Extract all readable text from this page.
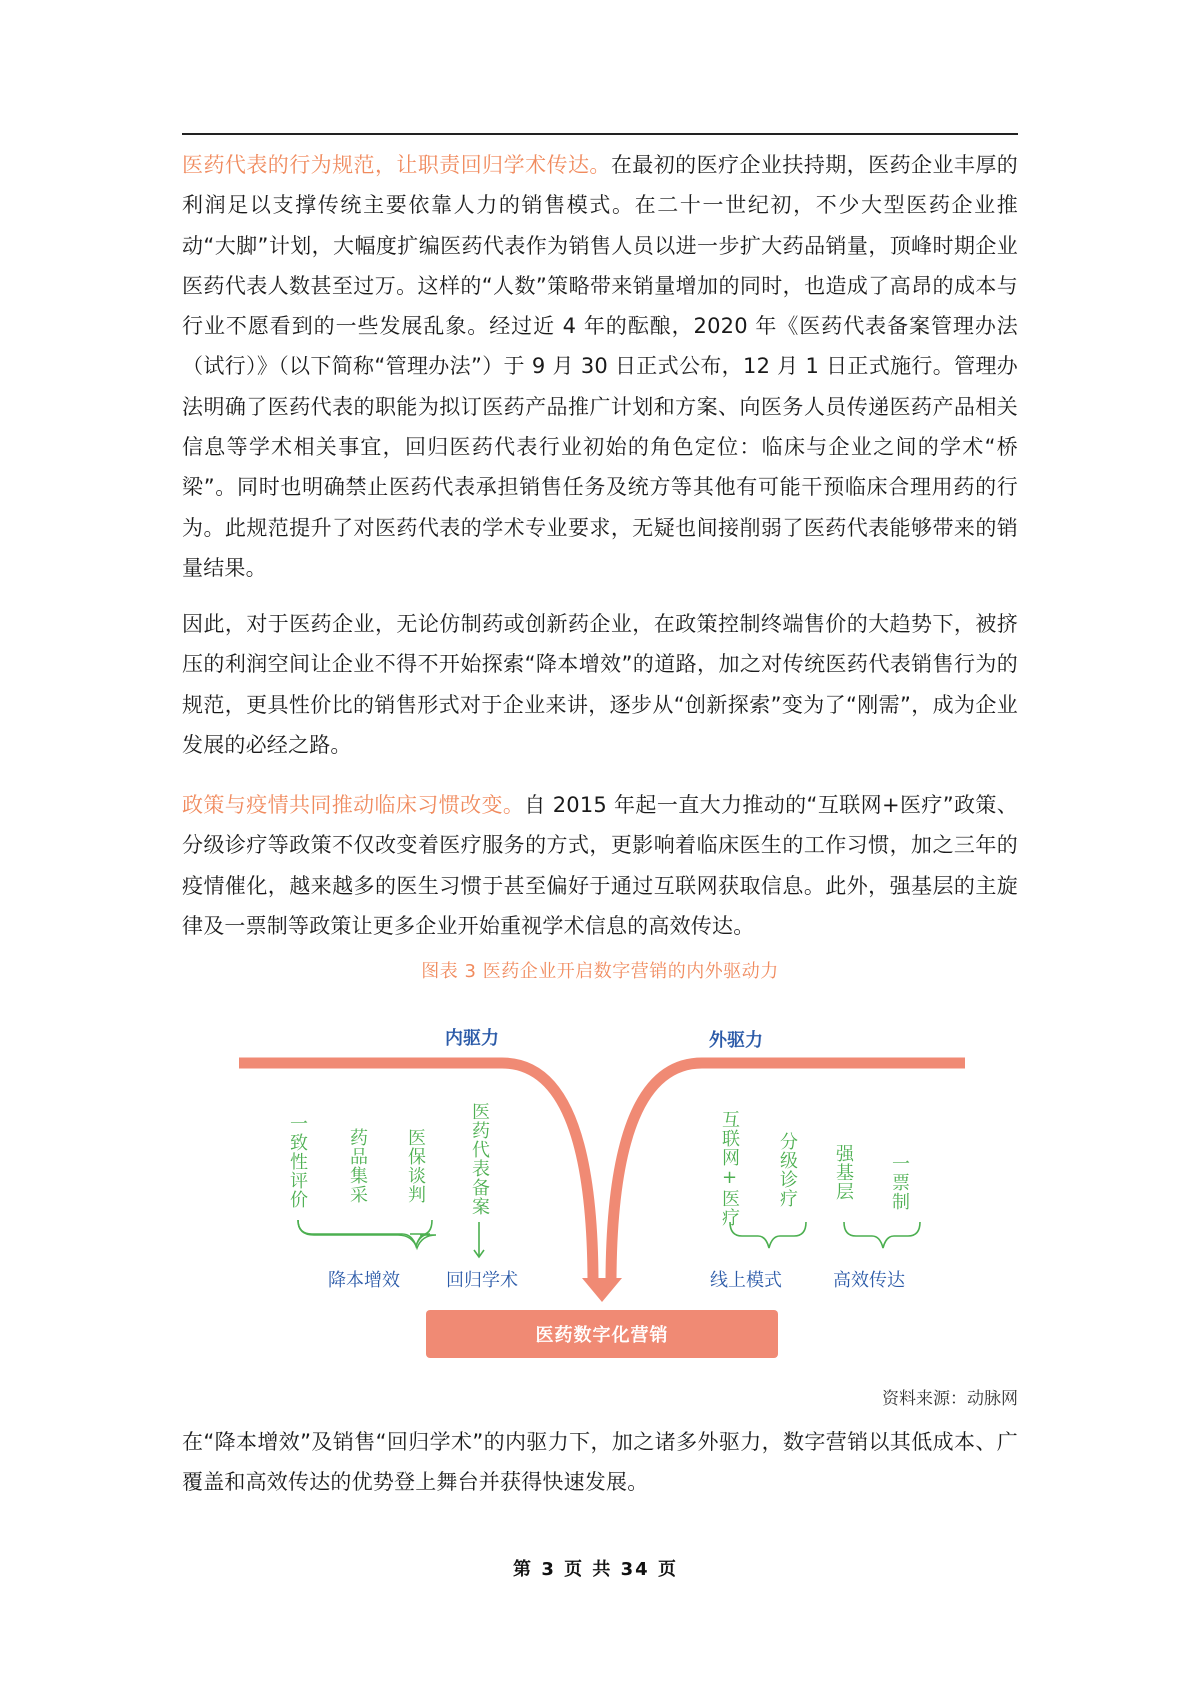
医药代表的行为规范，让职责回归学术传达。在最初的医疗企业扶持期，医药企业丰厚的利润足以支撑传统主要依靠人力的销售模式。在二十一世纪初，不少大型医药企业推动“大脚”计划，大幅度扩编医药代表作为销售人员以进一步扩大药品销量，顶峰时期企业医药代表人数甚至过万。这样的“人数”策略带来销量增加的同时，也造成了高昂的成本与行业不愿看到的一些发展乱象。经过近 4 年的酝酿，2020 年《医药代表备案管理办法（试行）》（以下简称“管理办法”）于 9 月 30 日正式公布，12 月 1 日正式施行。管理办法明确了医药代表的职能为拟订医药产品推广计划和方案、向医务人员传递医药产品相关信息等学术相关事宜，回归医药代表行业初始的角色定位：临床与企业之间的学术“桥梁”。同时也明确禁止医药代表承担销售任务及统方等其他有可能干预临床合理用药的行为。此规范提升了对医药代表的学术专业要求，无疑也间接削弱了医药代表能够带来的销量结果。

因此，对于医药企业，无论仿制药或创新药企业，在政策控制终端售价的大趋势下，被挤压的利润空间让企业不得不开始探索“降本增效”的道路，加之对传统医药代表销售行为的规范，更具性价比的销售形式对于企业来讲，逐步从“创新探索”变为了“刚需”，成为企业发展的必经之路。

政策与疫情共同推动临床习惯改变。自 2015 年起一直大力推动的“互联网+医疗”政策、分级诊疗等政策不仅改变着医疗服务的方式，更影响着临床医生的工作习惯，加之三年的疫情催化，越来越多的医生习惯于甚至偏好于通过互联网获取信息。此外，强基层的主旋律及一票制等政策让更多企业开始重视学术信息的高效传达。

图表 3 医药企业开启数字营销的内外驱动力

内驱力	外驱力
一致性评价 药品集采 医保谈判 医药代表备案	互联网+医疗 分级诊疗 强基层 一票制
降本增效	回归学术	线上模式	高效传达
医药数字化营销
资料来源：动脉网

在“降本增效”及销售“回归学术”的内驱力下，加之诸多外驱力，数字营销以其低成本、广覆盖和高效传达的优势登上舞台并获得快速发展。

第 3 页 共 34 页
